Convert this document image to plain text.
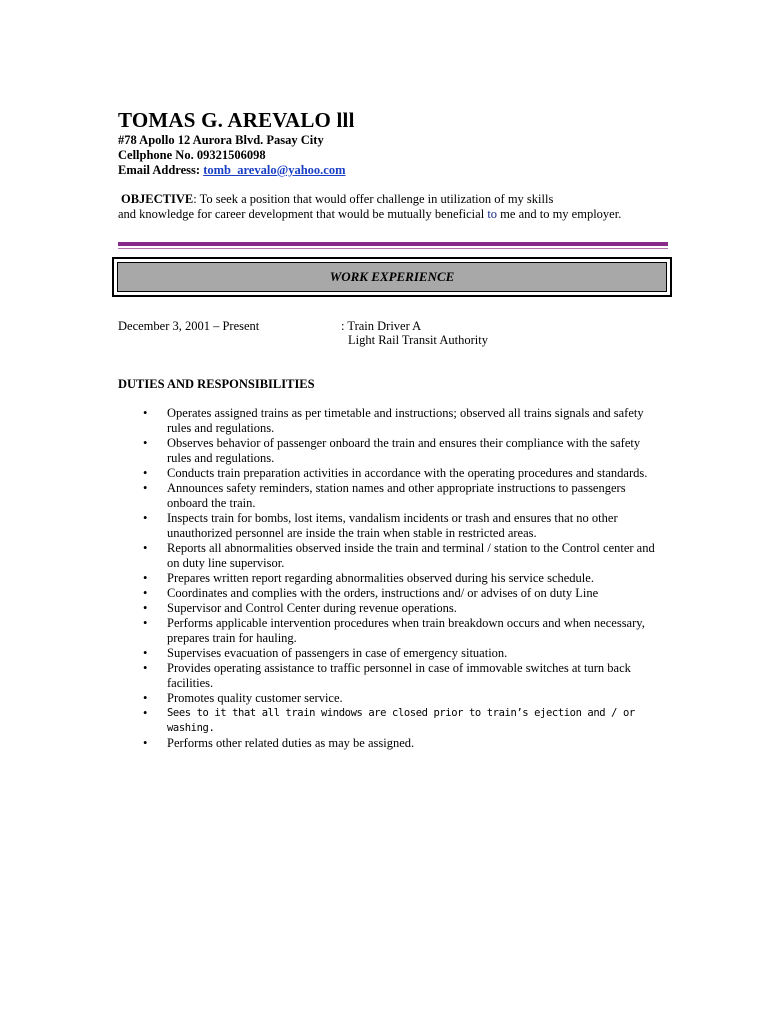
TOMAS G. AREVALO lll
#78 Apollo 12 Aurora Blvd. Pasay City
Cellphone No. 09321506098
Email Address: tomb_arevalo@yahoo.com
OBJECTIVE: To seek a position that would offer challenge in utilization of my skills
and knowledge for career development that would be mutually beneficial to me and to my employer.
WORK EXPERIENCE
December 3, 2001 – Present	: Train Driver A
Light Rail Transit Authority
DUTIES AND RESPONSIBILITIES
•	Operates assigned trains as per timetable and instructions; observed all trains signals and safety
rules and regulations.
•	Observes behavior of passenger onboard the train and ensures their compliance with the safety
rules and regulations.
•	Conducts train preparation activities in accordance with the operating procedures and standards.
•	Announces safety reminders, station names and other appropriate instructions to passengers
onboard the train.
•	Inspects train for bombs, lost items, vandalism incidents or trash and ensures that no other
unauthorized personnel are inside the train when stable in restricted areas.
•	Reports all abnormalities observed inside the train and terminal / station to the Control center and
on duty line supervisor.
•	Prepares written report regarding abnormalities observed during his service schedule.
•	Coordinates and complies with the orders, instructions and/ or advises of on duty Line
•	Supervisor and Control Center during revenue operations.
•	Performs applicable intervention procedures when train breakdown occurs and when necessary,
prepares train for hauling.
•	Supervises evacuation of passengers in case of emergency situation.
•	Provides operating assistance to traffic personnel in case of immovable switches at turn back
facilities.
•	Promotes quality customer service.
•	Sees to it that all train windows are closed prior to train’s ejection and / or washing.
•	Performs other related duties as may be assigned.
